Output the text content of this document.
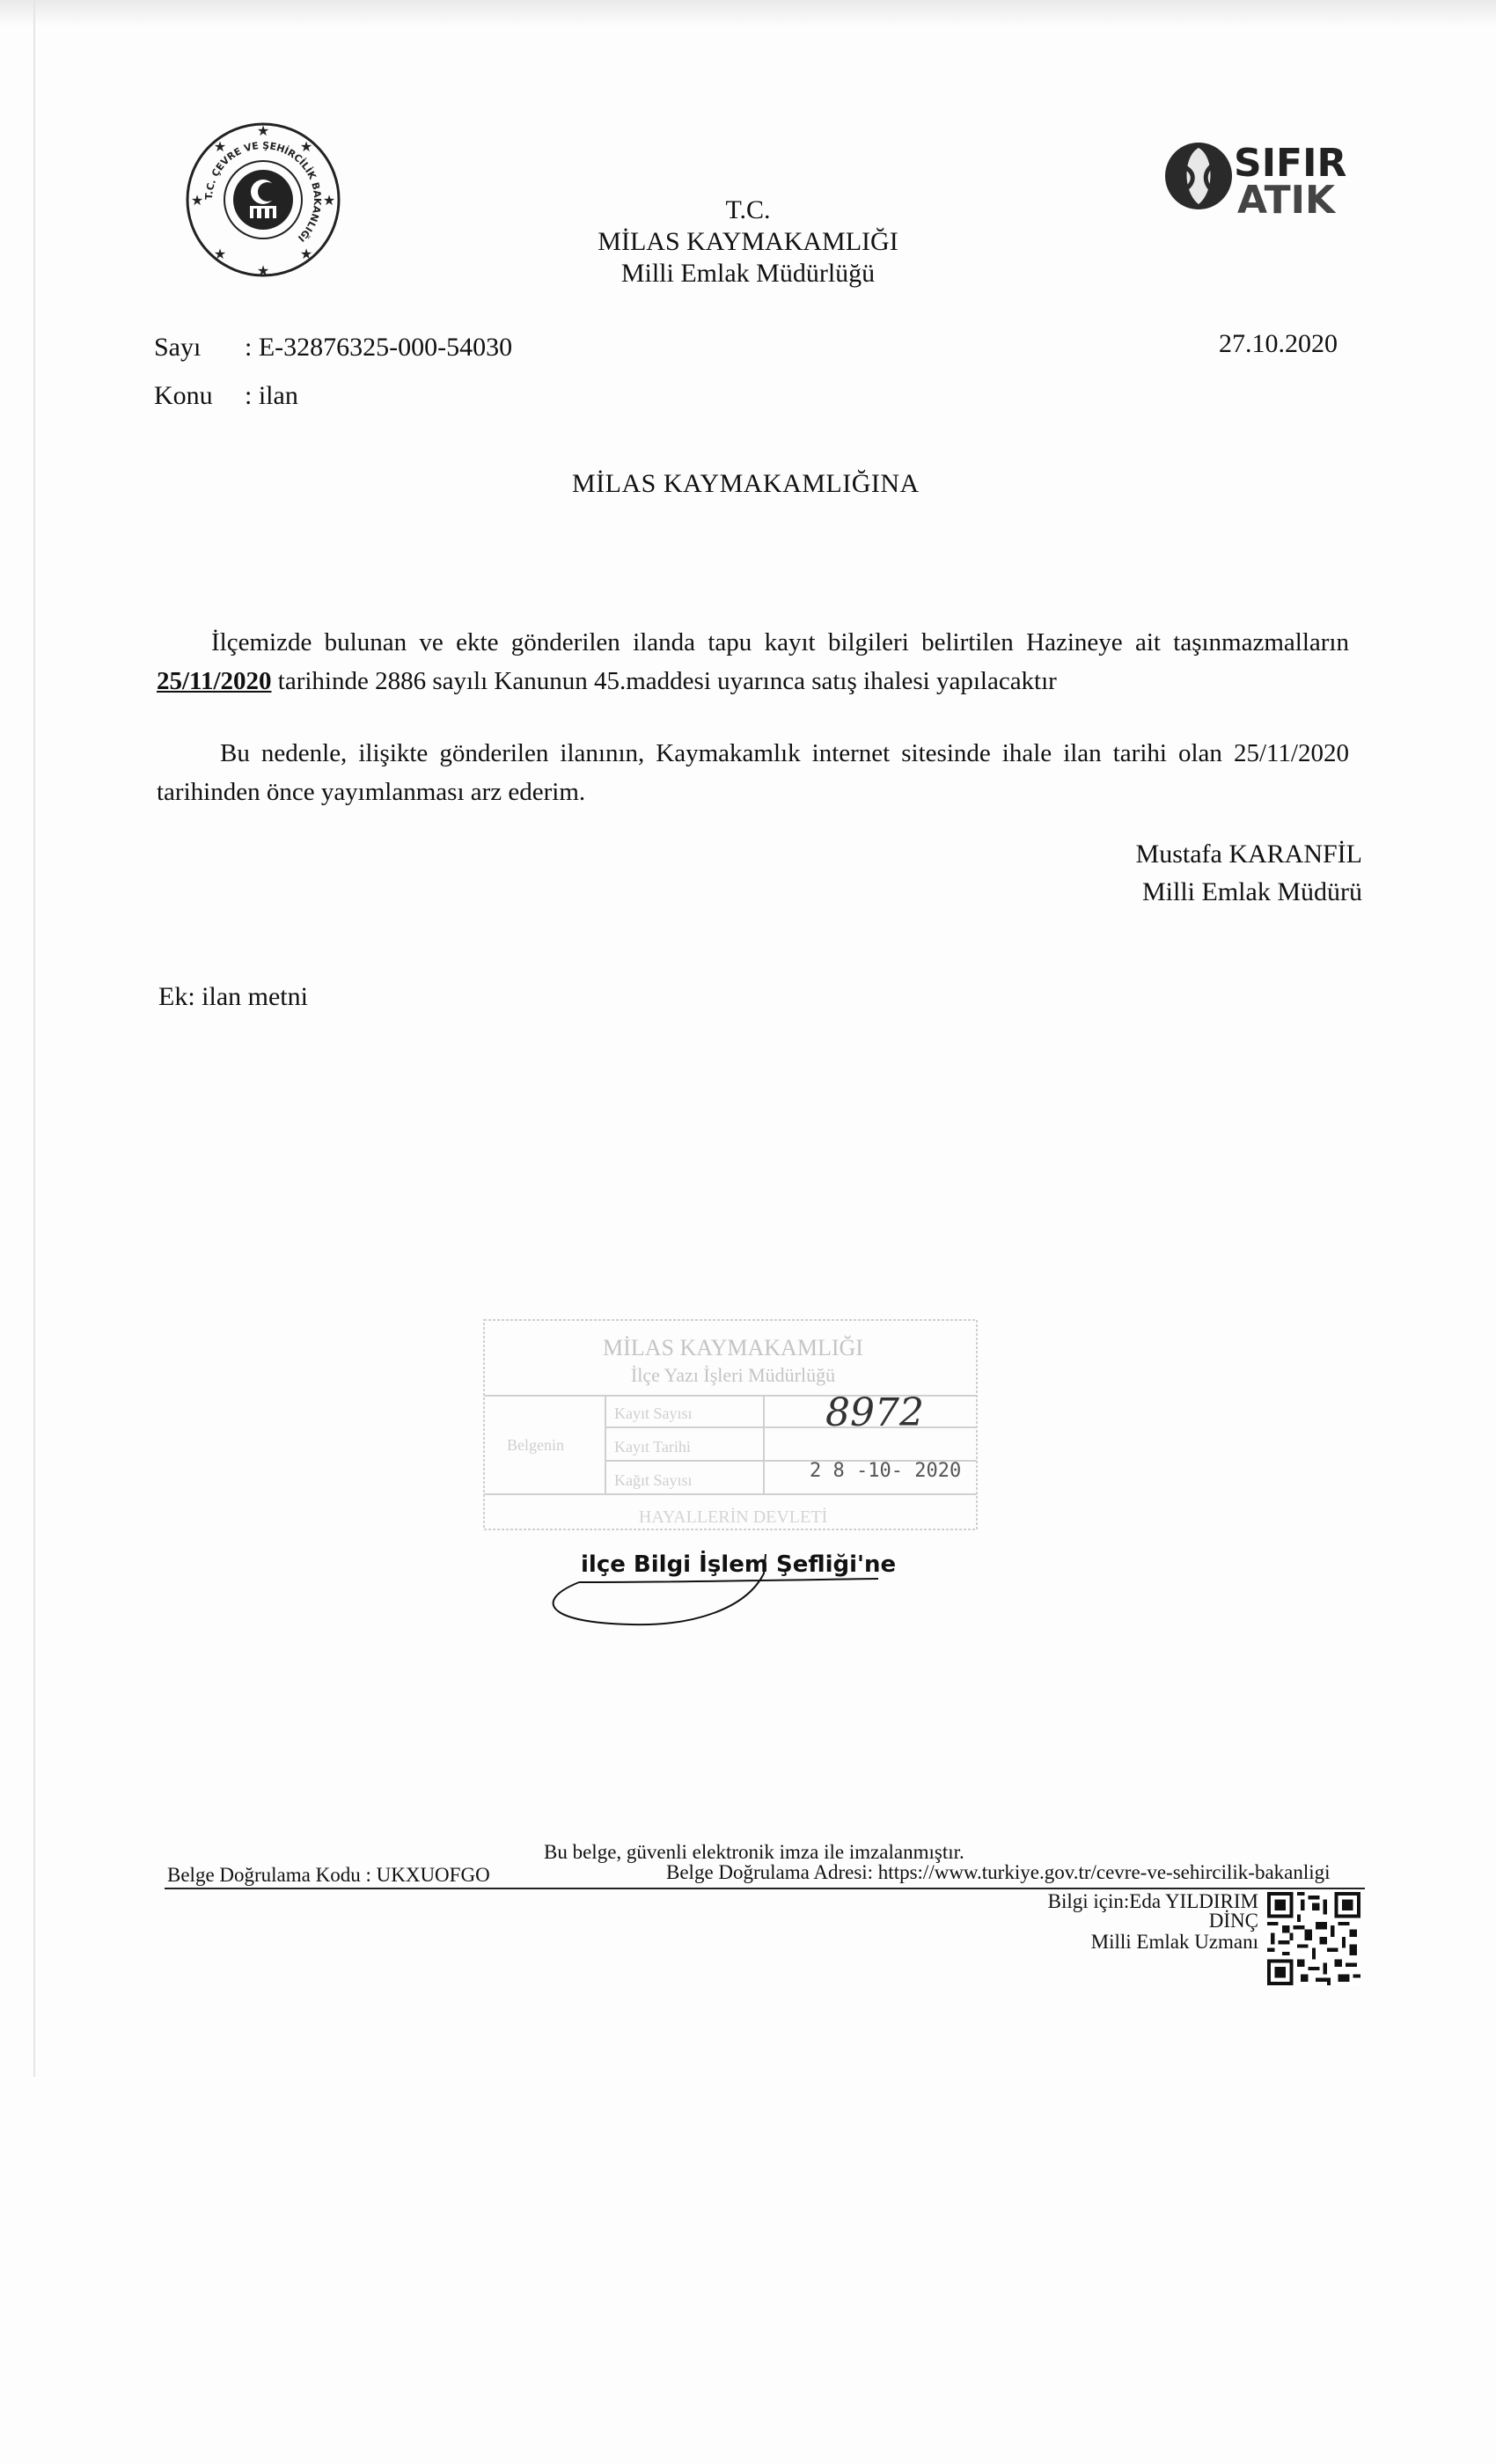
T.C. ÇEVRE VE ŞEHİRCİLİK BAKANLIĞI
★
★
★
★
★
★
★
★	SIFIR
ATIK
T.C.
MİLAS KAYMAKAMLIĞI
Milli Emlak Müdürlüğü
Sayı : E-32876325-000-54030
Konu : ilan
27.10.2020
MİLAS KAYMAKAMLIĞINA
İlçemizde bulunan ve ekte gönderilen ilanda tapu kayıt bilgileri belirtilen Hazineye ait taşınmazmalların 25/11/2020 tarihinde 2886 sayılı Kanunun 45.maddesi uyarınca satış ihalesi yapılacaktır
Bu nedenle, ilişikte gönderilen ilanının, Kaymakamlık internet sitesinde ihale ilan tarihi olan 25/11/2020 tarihinden önce yayımlanması arz ederim.
Mustafa KARANFİL
Milli Emlak Müdürü
Ek: ilan metni
MİLAS KAYMAKAMLIĞI
İlçe Yazı İşleri Müdürlüğü
Belgenin
Kayıt Sayısı
Kayıt Tarihi
Kağıt Sayısı
HAYALLERİN DEVLETİ
8972
2 8 -10- 2020
ilçe Bilgi İşlem Şefliği'ne
Bu belge, güvenli elektronik imza ile imzalanmıştır.
Belge Doğrulama Kodu : UKXUOFGO	Belge Doğrulama Adresi: https://www.turkiye.gov.tr/cevre-ve-sehircilik-bakanligi
Bilgi için:Eda YILDIRIM
DİNÇ
Milli Emlak Uzmanı
